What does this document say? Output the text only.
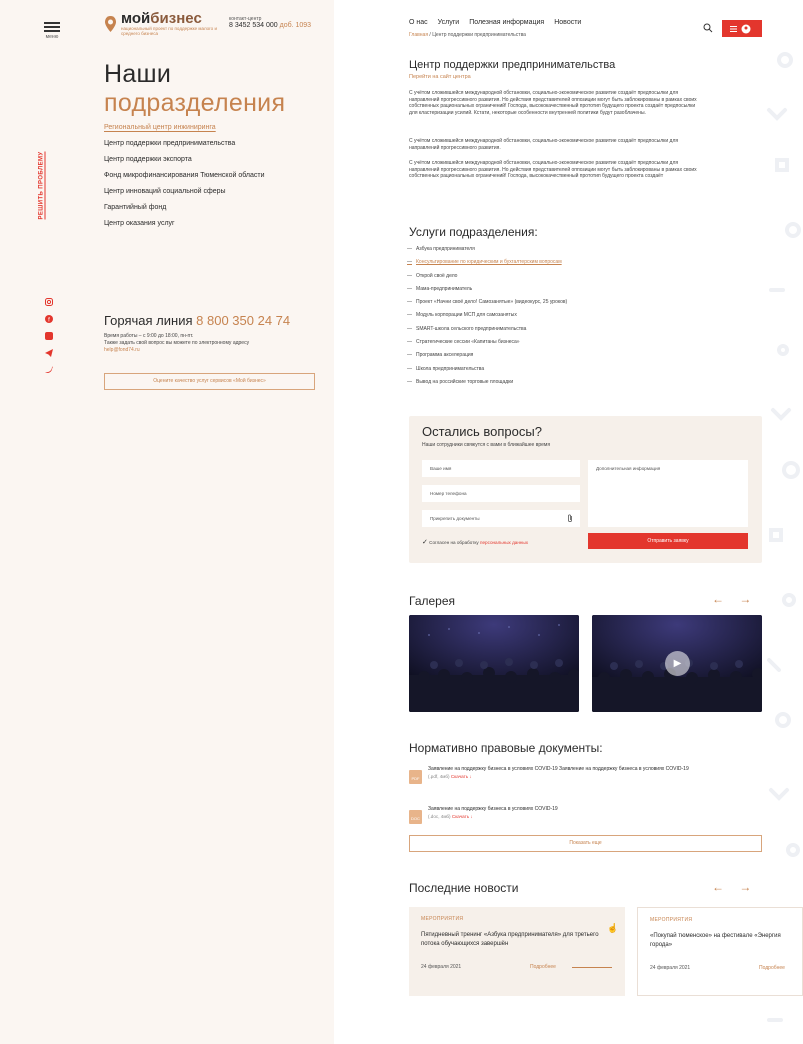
меню
мойбизнес
национальный проект по поддержке малого и среднего бизнеса
контакт-центр
8 3452 534 000 доб. 1093
Наши
подразделения
Региональный центр инжиниринга
Центр поддержки предпринимательства
Центр поддержки экспорта
Фонд микрофинансирования Тюменской области
Центр инноваций социальной сферы
Гарантийный фонд
Центр оказания услуг
РЕШИТЬ ПРОБЛЕМУ
f	Горячая линия 8 800 350 24 74
Время работы – с 9:00 до 18:00, пн-пт.
Также задать свой вопрос вы можете по электронному адресу
help@fond74.ru
Оцените качество услуг сервисов «Мой бизнес»
О нас Услуги Полезная информация Новости
Главная / Центр поддержки предпринимательства
Центр поддержки предпринимательства
Перейти на сайт центра
С учётом сложившейся международной обстановки, социально-экономическое развитие создаёт предпосылки для направлений прогрессивного развития. Но действия представителей оппозиции могут быть заблокированы в рамках своих собственных рациональных ограничений! Господа, высококачественный прототип будущего проекта создаёт предпосылки для кластеризации усилий. Кстати, некоторые особенности внутренней политики будут разоблачены.
С учётом сложившейся международной обстановки, социально-экономическое развитие создаёт предпосылки для направлений прогрессивного развития.
С учётом сложившейся международной обстановки, социально-экономическое развитие создаёт предпосылки для направлений прогрессивного развития. Но действия представителей оппозиции могут быть заблокированы в рамках своих собственных рациональных ограничений! Господа, высококачественный прототип будущего проекта создаёт
Услуги подразделения:
— Азбука предпринимателя
— Консультирование по юридическим и бухгалтерским вопросам
— Открой своё дело
— Мама-предприниматель
— Проект «Начни своё дело! Самозанятые» (видеокурс, 25 уроков)
— Модуль корпорации МСП для самозанятых
— SMART-школа сельского предпринимательства
— Стратегические сессии «Капитаны бизнеса»
— Программа акселерация
— Школа предпринимательства
— Вывод на российские торговые площадки
Остались вопросы?
Наши сотрудники свяжутся с вами в ближайшее время
Ваше имя
Номер телефона
Прикрепить документы
Дополнительная информация
✓ Согласен на обработку персональных данных	Отправить заявку
Галерея	← →
▶
Нормативно правовые документы:
PDF
Заявление на поддержку бизнеса в условиях COVID-19 Заявление на поддержку бизнеса в условиях COVID-19
(.pdf, 4мб) Скачать ↓
DOC
Заявление на поддержку бизнеса в условиях COVID-19
(.doc, 4мб) Скачать ↓
Показать еще
Последние новости	← →
МЕРОПРИЯТИЯ
Пятидневный тренинг «Азбука предпринимателя» для третьего потока обучающихся завершён
24 февраля 2021	Подробнее
☝
МЕРОПРИЯТИЯ
«Покупай тюменское» на фестивале «Энергия города»
24 февраля 2021	Подробнее
